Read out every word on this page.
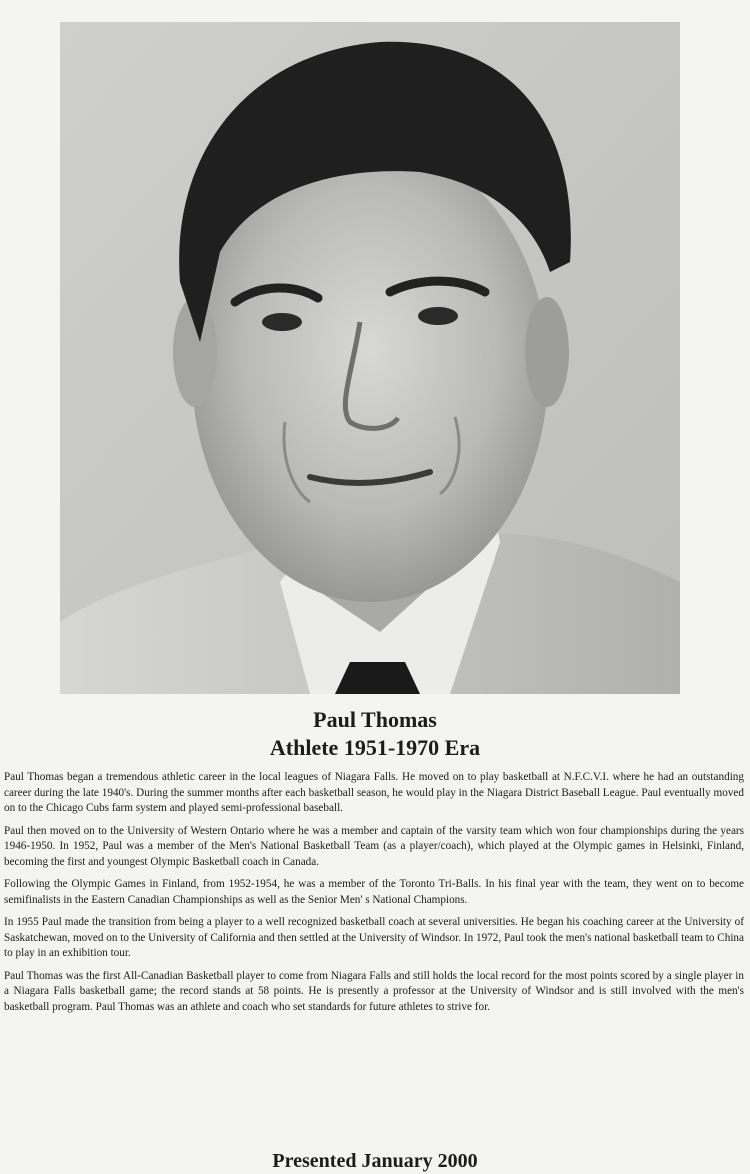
Paul Thomas
Athlete 1951-1970 Era

Paul Thomas began a tremendous athletic career in the local leagues of Niagara Falls. He moved on to play basketball at N.F.C.V.I. where he had an outstanding career during the late 1940's. During the summer months after each basketball season, he would play in the Niagara District Baseball League. Paul eventually moved on to the Chicago Cubs farm system and played semi-professional baseball.

Paul then moved on to the University of Western Ontario where he was a member and captain of the varsity team which won four championships during the years 1946-1950. In 1952, Paul was a member of the Men's National Basketball Team (as a player/coach), which played at the Olympic games in Helsinki, Finland, becoming the first and youngest Olympic Basketball coach in Canada.

Following the Olympic Games in Finland, from 1952-1954, he was a member of the Toronto Tri-Balls. In his final year with the team, they went on to become semifinalists in the Eastern Canadian Championships as well as the Senior Men' s National Champions.

In 1955 Paul made the transition from being a player to a well recognized basketball coach at several universities. He began his coaching career at the University of Saskatchewan, moved on to the University of California and then settled at the University of Windsor. In 1972, Paul took the men's national basketball team to China to play in an exhibition tour.

Paul Thomas was the first All-Canadian Basketball player to come from Niagara Falls and still holds the local record for the most points scored by a single player in a Niagara Falls basketball game; the record stands at 58 points. He is presently a professor at the University of Windsor and is still involved with the men's basketball program. Paul Thomas was an athlete and coach who set standards for future athletes to strive for.

Presented January 2000
